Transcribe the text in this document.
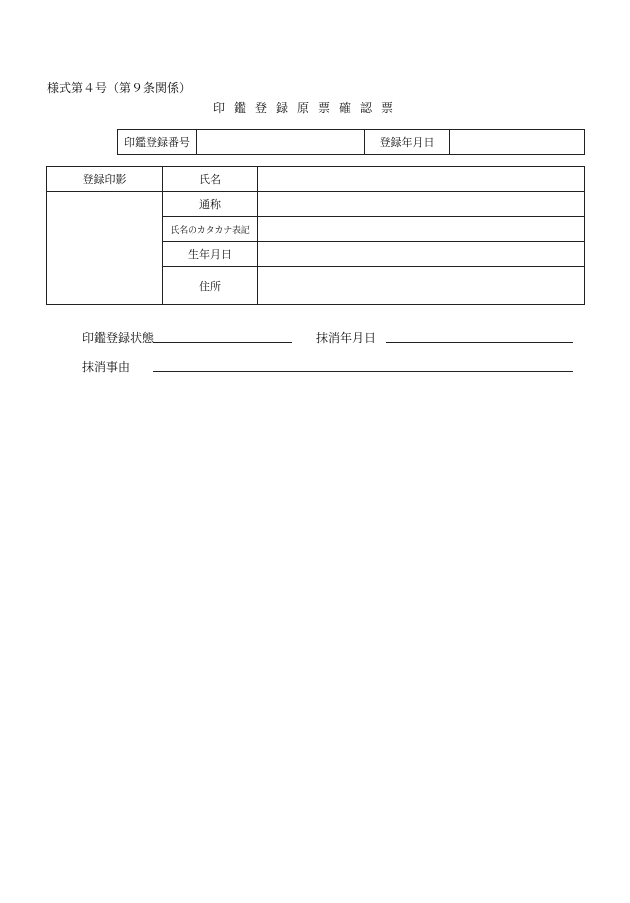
様式第４号（第９条関係）
印鑑登録原票確認票
印鑑登録番号		登録年月日	
登録印影	氏名	
	通称	
	氏名のカタカナ表記	
	生年月日	
	住所	
印鑑登録状態	抹消年月日
抹消事由
